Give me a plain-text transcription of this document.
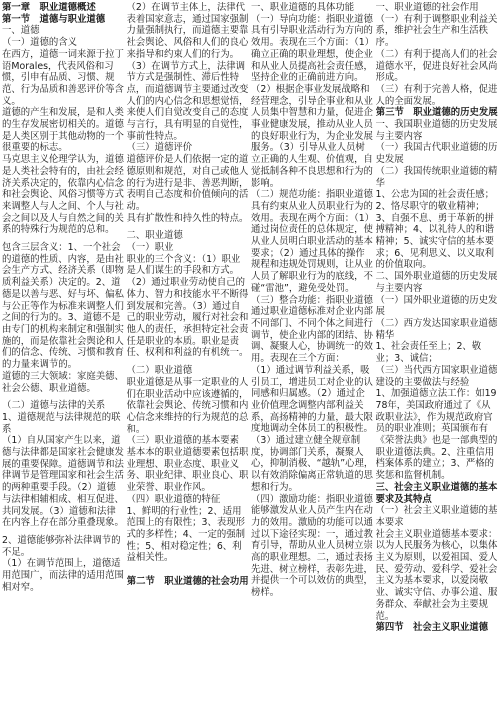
第一章　职业道德概述
第一节　道德与职业道德
一、道德
（一）道德的含义
在西方，道德一词来源于拉丁语Morales，代表风俗和习惯，引申有品质、习惯、规范、行为品质和善恶评价等含义。
道德的产生和发展，是和人类的生存发展密切相关的。道德是人类区别于其他动物的一个很重要的标志。
马克思主义伦理学认为，道德是人类社会特有的，由社会经济关系决定的，依靠内心信念和社会舆论、风俗习惯等方式来调整人与人之间、个人与社会之间以及人与自然之间的关系的特殊行为规范的总和。
包含三层含义：1、一个社会的道德的性质、内容，是由社会生产方式、经济关系（即物质利益关系）决定的。2、道德是以善与恶、好与坏、偏私与公正等作为标准来调整人们之间的行为的。3、道德不是由专门的机构来制定和强制实施的，而是依靠社会舆论和人们的信念、传统、习惯和教育的力量来调节的。
道德的三大领域：家庭美德、社会公德、职业道德。
（二）道德与法律的关系
1、道德规范与法律规范的联系
（1）自从国家产生以来，道德与法律都是国家社会健康发展的重要保障。道德调节和法律调节是管理国家和社会生活的两种重要手段。（2）道德与法律相辅相成、相互促进、共同发展。（3）道德和法律在内容上存在部分重叠现象。
2、道德能够弥补法律调节的不足。
（1）在调节范围上，道德适用范围广，而法律的适用范围相对窄。
（2）在调节主体上，法律代表着国家意志，通过国家强制力量强制执行，而道德主要靠社会舆论、风俗和人们的良心来指导和约束人们的行为。
（3）在调节方式上，法律调节方式是强制性、滞后性特点，而道德调节主要通过改变人们的内心信念和思想觉悟，来使人们自觉改变自己的态度与言行，具有明显的自觉性，事前性特点。
（三）道德评价
道德评价是人们依据一定的道德原则和规范，对自己或他人的行为进行是非、善恶判断，表明自己态度和价值倾向的活动。
具有扩散性和持久性的特点。
二、职业道德
（一）职业
职业的三个含义：（1）职业是人们谋生的手段和方式。（2）通过职业劳动使自己的体力、智力和技能水平不断得到发展和完善。（3）通过自己的职业劳动，履行对社会和他人的责任，承担特定社会责任是职业的本质。职业是责任、权利和利益的有机统一。
（二）职业道德
职业道德是从事一定职业的人们在职业活动中应该遵循的，依靠社会舆论、传统习惯和内心信念来维持的行为规范的总和。
（三）职业道德的基本要素
基本本的职业道德要素包括职业理想、职业态度、职业义务、职业纪律、职业良心、职业荣誉、职业作风。
（四）职业道德的特征
1、鲜明的行业性；2、适用范围上的有限性；3、表现形式的多样性；4、一定的强制性；5、相对稳定性；6、利益相关性。
第二节　职业道德的社会功用
一、职业道德的具体功能
（一）导向功能：指职业道德具有引导职业活动行为方向的效用。表现在三个方面：（1）确立正确的职业理想，使企业和从业人员提高社会责任感，坚持企业的正确前进方向。
（2）根据企事业发展战略和经营理念，引导企事业和从业人员集中智慧和力量，促进企事业健康发展，推动从业人员的良好职业行为，为企业发展服务。（3）引导从业人员树立正确的人生观、价值观，自觉抵制各种不良思想和行为的影响。
（二）规范功能：指职业道德具有约束从业人员职业行为的效用。表现在两个方面：（1）通过岗位责任的总体规定，使从业人员明白职业活动的基本要求；（2）通过具体的操作规程和违规处罚规则，让从业人员了解职业行为的底线，不碰“雷池”，避免受处罚。
（三）整合功能：指职业道德通过职业道德标准对企业内部不同部门、不同个体之间进行调节，使企业内部的团结、协调、凝聚人心，协调统一的效用。表现在三个方面：
（1）通过调节利益关系，吸引员工，增进员工对企业的认同感和归属感。（2）通过企业价值理念调整内部利益关系，高扬精神的力量，最大限度地调动全体员工的积极性。（3）通过建立健全规章制度，协调部门关系，凝聚人心，抑制消极、“越轨”心理，以有效消除偏离正常轨道的思想和行为。
（四）激励功能：指职业道德能够激发从业人员产生内在动力的效用。激励的功能可以通过以下途径实现：一，通过教育引导，帮助从业人员树立崇高的职业理想。二，通过表扬先进、树立榜样，表彰先进，并提供一个可以效仿的典型，榜样。
一、职业道德的社会作用
（一）有利于调整职业利益关系，维护社会生产和生活秩序。
（二）有利于提高人们的社会道德水平，促进良好社会风尚形成。
（三）有利于完善人格，促进人的全面发展。
第三节　职业道德的历史发展
一、我国职业道德的历史发展与主要内容
（一）我国古代职业道德的历史发展
（二）我国传统职业道德的精华
1、公忠为国的社会责任感；2、恪尽职守的敬业精神；3、自强不息、勇于革新的拼搏精神；4、以礼待人的和谐精神；5、诚实守信的基本要求；6、见利思义、以义取利的价值取向。
二、国外职业道德的历史发展与主要内容
（一）国外职业道德的历史发展
（二）西方发达国家职业道德精华
1、社会责任至上；2、敬业；3、诚信；
（三）当代西方国家职业道德建设的主要做法与经验
1、加强道德立法工作：如1978年，美国政府通过了《从政职业法》，作为规范政府官员的职业准则；英国颁布有《荣誉法典》也是一部典型的职业道德法典。2、注重信用档案体系的建立；3、严格的奖惩和监督机制。
三、社会主义职业道德的基本要求及其特点
（一）社会主义职业道德的基本要求
社会主义职业道德基本要求：以为人民服务为核心，以集体主义为原则，以爱祖国、爱人民、爱劳动、爱科学、爱社会主义为基本要求，以爱岗敬业、诚实守信、办事公道、服务群众、奉献社会为主要规范。
第四节　社会主义职业道德
